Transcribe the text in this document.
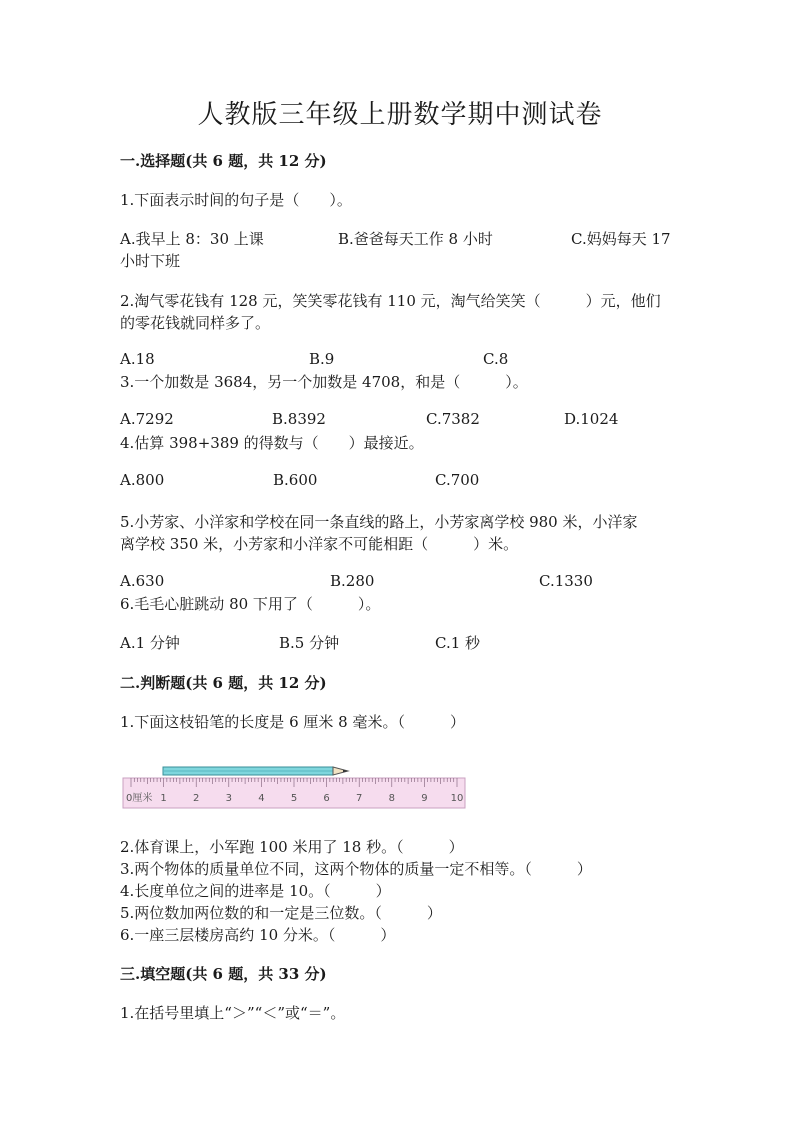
人教版三年级上册数学期中测试卷
一.选择题(共 6 题，共 12 分)
1.下面表示时间的句子是（　　）。
A.我早上 8：30 上课	B.爸爸每天工作 8 小时	C.妈妈每天 17
小时下班
2.淘气零花钱有 128 元，笑笑零花钱有 110 元，淘气给笑笑（　　　）元，他们
的零花钱就同样多了。
A.18	B.9	C.8
3.一个加数是 3684，另一个加数是 4708，和是（　　　）。
A.7292	B.8392	C.7382	D.1024
4.估算 398+389 的得数与（　　）最接近。
A.800	B.600	C.700
5.小芳家、小洋家和学校在同一条直线的路上，小芳家离学校 980 米，小洋家
离学校 350 米，小芳家和小洋家不可能相距（　　　）米。
A.630	B.280	C.1330
6.毛毛心脏跳动 80 下用了（　　　）。
A.1 分钟	B.5 分钟	C.1 秒
二.判断题(共 6 题，共 12 分)
1.下面这枝铅笔的长度是 6 厘米 8 毫米。（　　　）
0厘米 1	2	3	4	5	6	7	8	9 10
2.体育课上，小军跑 100 米用了 18 秒。（　　　）
3.两个物体的质量单位不同，这两个物体的质量一定不相等。（　　　）
4.长度单位之间的进率是 10。（　　　）
5.两位数加两位数的和一定是三位数。（　　　）
6.一座三层楼房高约 10 分米。（　　　）
三.填空题(共 6 题，共 33 分)
1.在括号里填上“＞”“＜”或“＝”。
